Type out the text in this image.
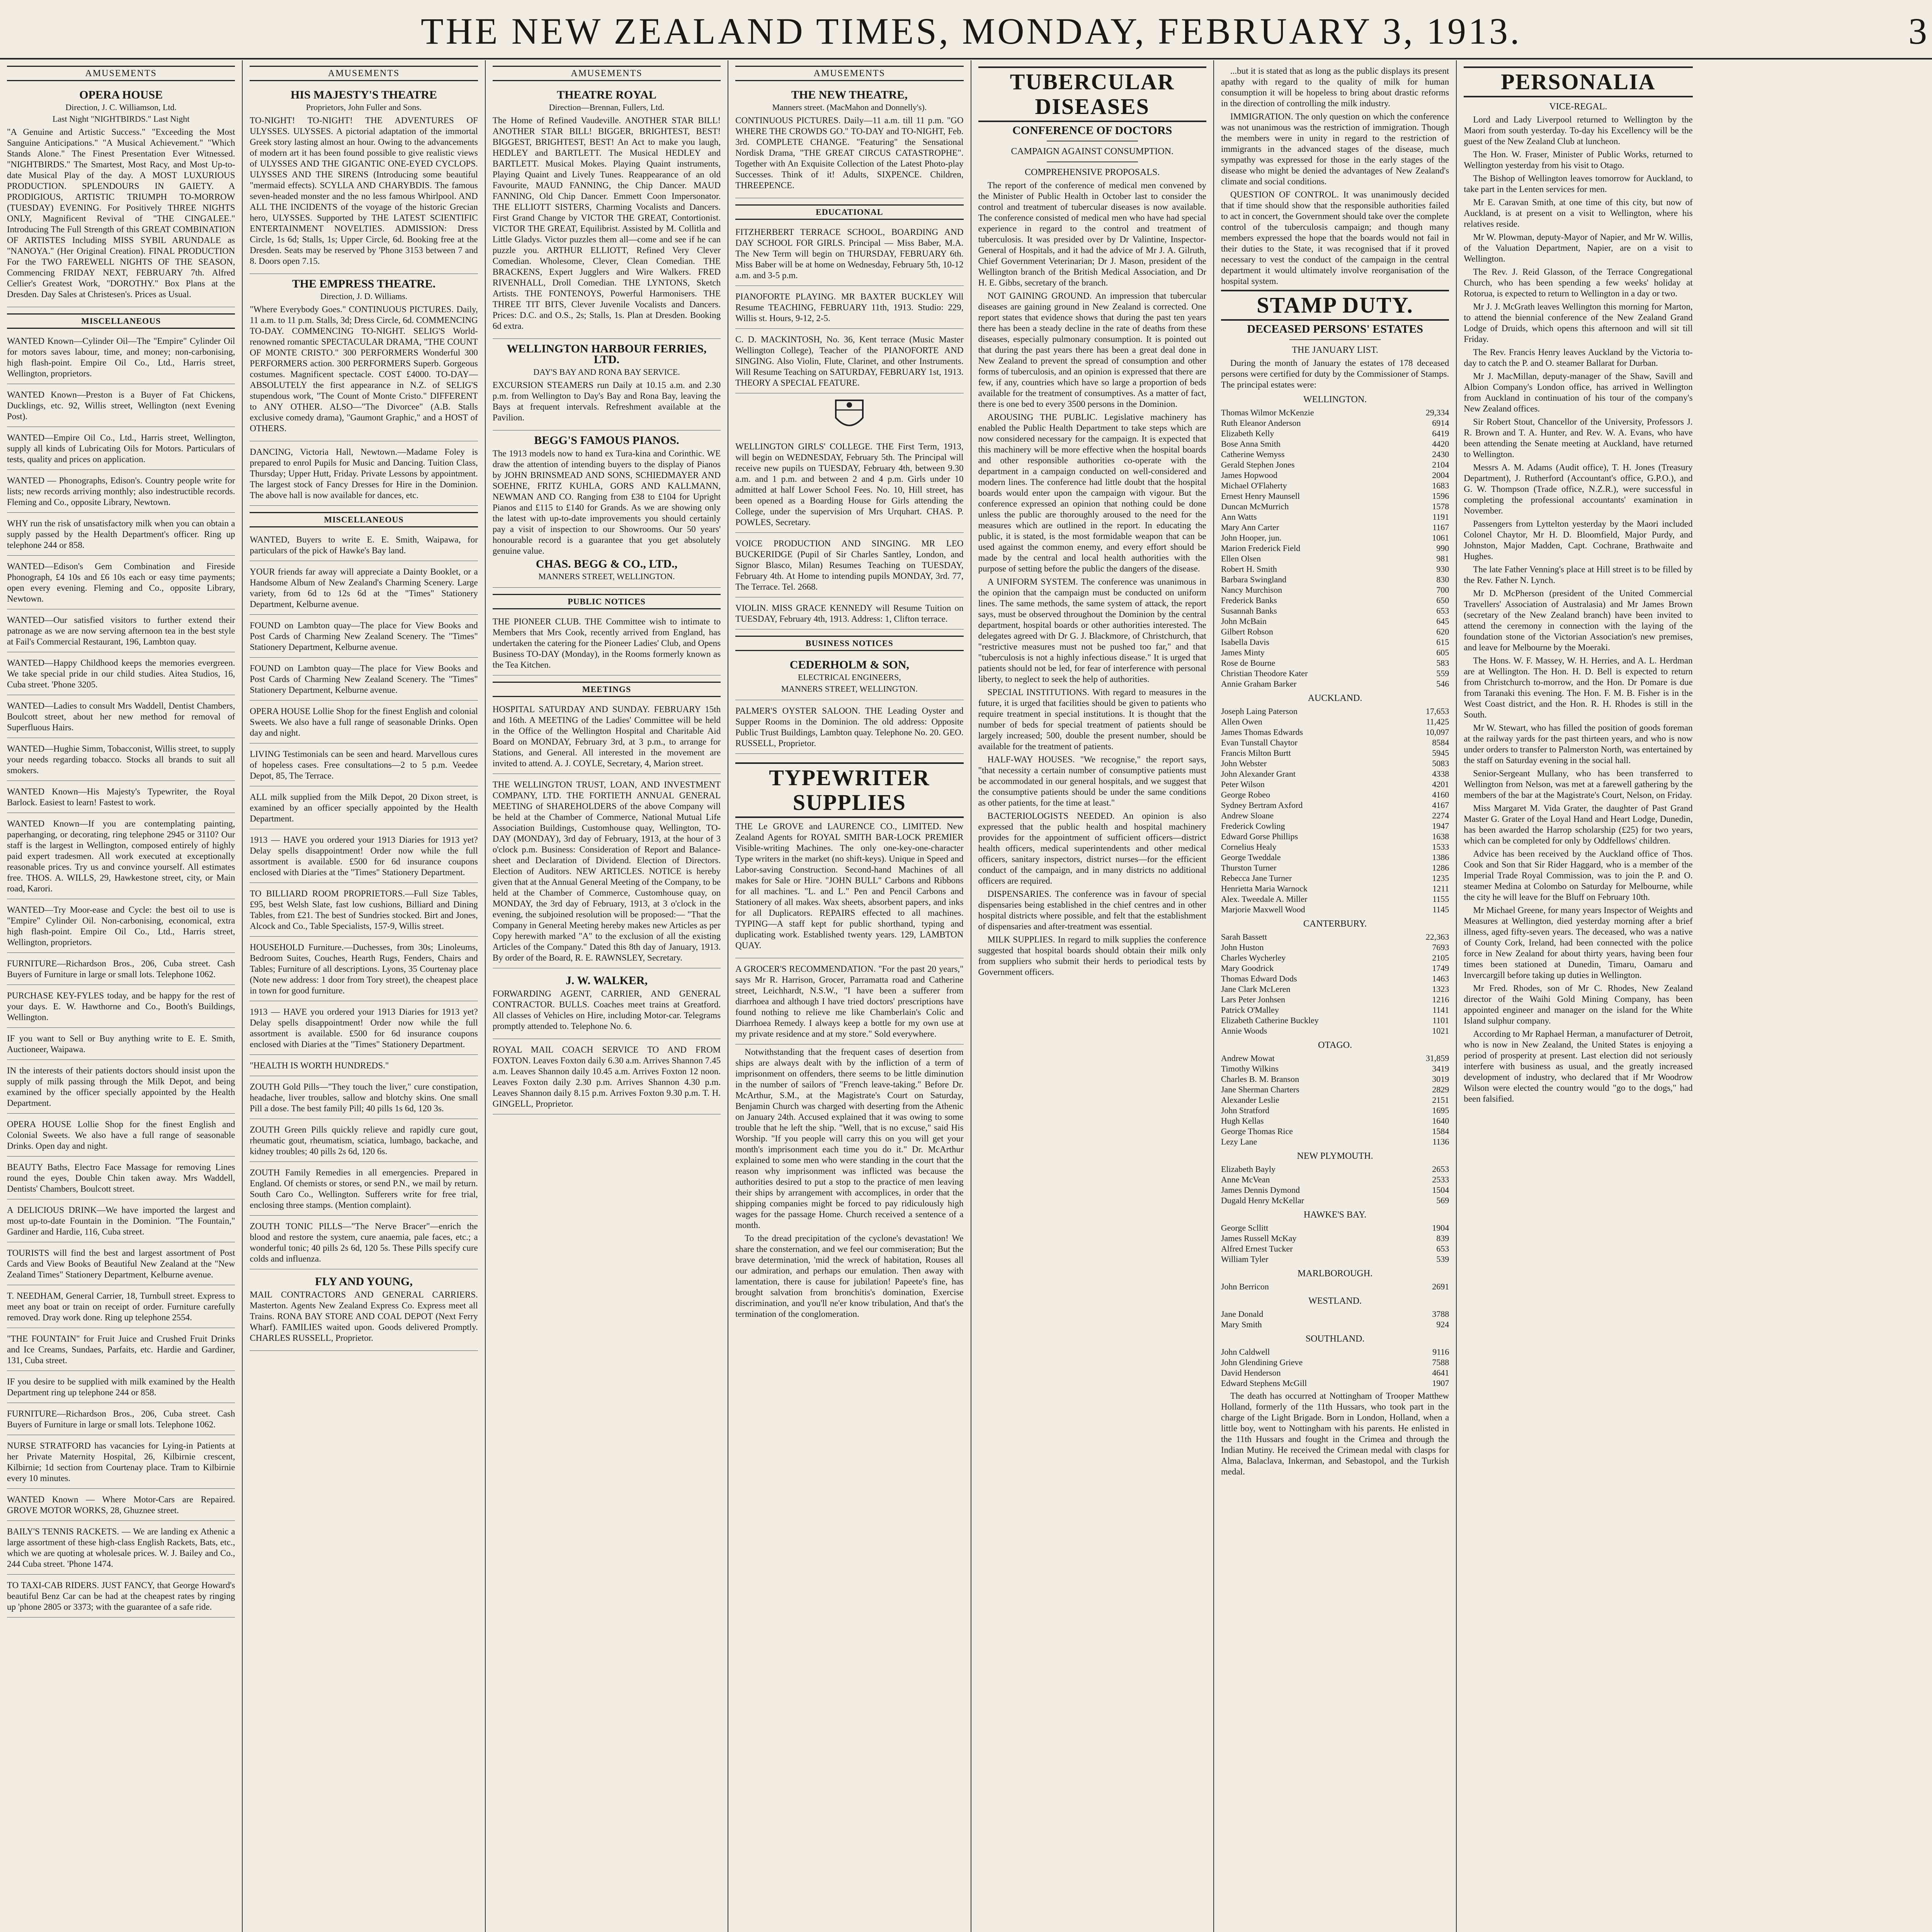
THE NEW ZEALAND TIMES, MONDAY, FEBRUARY 3, 1913.	3
AMUSEMENTS
OPERA HOUSE
Direction, J. C. Williamson, Ltd.
Last Night "NIGHTBIRDS." Last Night
"A Genuine and Artistic Success." "Exceeding the Most Sanguine Anticipations." "A Musical Achievement." "Which Stands Alone." The Finest Presentation Ever Witnessed. "NIGHTBIRDS." The Smartest, Most Racy, and Most Up-to-date Musical Play of the day. A MOST LUXURIOUS PRODUCTION. SPLENDOURS IN GAIETY. A PRODIGIOUS, ARTISTIC TRIUMPH TO-MORROW (TUESDAY) EVENING. For Positively THREE NIGHTS ONLY, Magnificent Revival of "THE CINGALEE." Introducing The Full Strength of this GREAT COMBINATION OF ARTISTES Including MISS SYBIL ARUNDALE as "NANOYA." (Her Original Creation). FINAL PRODUCTION For the TWO FAREWELL NIGHTS OF THE SEASON, Commencing FRIDAY NEXT, FEBRUARY 7th. Alfred Cellier's Greatest Work, "DOROTHY." Box Plans at the Dresden. Day Sales at Christesen's. Prices as Usual.
MISCELLANEOUS
WANTED Known—Cylinder Oil—The "Empire" Cylinder Oil for motors saves labour, time, and money; non-carbonising, high flash-point. Empire Oil Co., Ltd., Harris street, Wellington, proprietors.
WANTED Known—Preston is a Buyer of Fat Chickens, Ducklings, etc. 92, Willis street, Wellington (next Evening Post).
WANTED—Empire Oil Co., Ltd., Harris street, Wellington, supply all kinds of Lubricating Oils for Motors. Particulars of tests, quality and prices on application.
WANTED — Phonographs, Edison's. Country people write for lists; new records arriving monthly; also indestructible records. Fleming and Co., opposite Library, Newtown.
WHY run the risk of unsatisfactory milk when you can obtain a supply passed by the Health Department's officer. Ring up telephone 244 or 858.
WANTED—Edison's Gem Combination and Fireside Phonograph, £4 10s and £6 10s each or easy time payments; open every evening. Fleming and Co., opposite Library, Newtown.
WANTED—Our satisfied visitors to further extend their patronage as we are now serving afternoon tea in the best style at Fail's Commercial Restaurant, 196, Lambton quay.
WANTED—Happy Childhood keeps the memories evergreen. We take special pride in our child studies. Aitea Studios, 16, Cuba street. 'Phone 3205.
WANTED—Ladies to consult Mrs Waddell, Dentist Chambers, Boulcott street, about her new method for removal of Superfluous Hairs.
WANTED—Hughie Simm, Tobacconist, Willis street, to supply your needs regarding tobacco. Stocks all brands to suit all smokers.
WANTED Known—His Majesty's Typewriter, the Royal Barlock. Easiest to learn! Fastest to work.
WANTED Known—If you are contemplating painting, paperhanging, or decorating, ring telephone 2945 or 3110? Our staff is the largest in Wellington, composed entirely of highly paid expert tradesmen. All work executed at exceptionally reasonable prices. Try us and convince yourself. All estimates free. THOS. A. WILLS, 29, Hawkestone street, city, or Main road, Karori.
WANTED—Try Moor-ease and Cycle: the best oil to use is "Empire" Cylinder Oil. Non-carbonising, economical, extra high flash-point. Empire Oil Co., Ltd., Harris street, Wellington, proprietors.
FURNITURE—Richardson Bros., 206, Cuba street. Cash Buyers of Furniture in large or small lots. Telephone 1062.
PURCHASE KEY-FYLES today, and be happy for the rest of your days. E. W. Hawthorne and Co., Booth's Buildings, Wellington.
IF you want to Sell or Buy anything write to E. E. Smith, Auctioneer, Waipawa.
IN the interests of their patients doctors should insist upon the supply of milk passing through the Milk Depot, and being examined by the officer specially appointed by the Health Department.
OPERA HOUSE Lollie Shop for the finest English and Colonial Sweets. We also have a full range of seasonable Drinks. Open day and night.
BEAUTY Baths, Electro Face Massage for removing Lines round the eyes, Double Chin taken away. Mrs Waddell, Dentists' Chambers, Boulcott street.
A DELICIOUS DRINK—We have imported the largest and most up-to-date Fountain in the Dominion. "The Fountain," Gardiner and Hardie, 116, Cuba street.
TOURISTS will find the best and largest assortment of Post Cards and View Books of Beautiful New Zealand at the "New Zealand Times" Stationery Department, Kelburne avenue.
T. NEEDHAM, General Carrier, 18, Turnbull street. Express to meet any boat or train on receipt of order. Furniture carefully removed. Dray work done. Ring up telephone 2554.
"THE FOUNTAIN" for Fruit Juice and Crushed Fruit Drinks and Ice Creams, Sundaes, Parfaits, etc. Hardie and Gardiner, 131, Cuba street.
IF you desire to be supplied with milk examined by the Health Department ring up telephone 244 or 858.
FURNITURE—Richardson Bros., 206, Cuba street. Cash Buyers of Furniture in large or small lots. Telephone 1062.
NURSE STRATFORD has vacancies for Lying-in Patients at her Private Maternity Hospital, 26, Kilbirnie crescent, Kilbirnie; 1d section from Courtenay place. Tram to Kilbirnie every 10 minutes.
WANTED Known — Where Motor-Cars are Repaired. GROVE MOTOR WORKS, 28, Ghuznee street.
BAILY'S TENNIS RACKETS. — We are landing ex Athenic a large assortment of these high-class English Rackets, Bats, etc., which we are quoting at wholesale prices. W. J. Bailey and Co., 244 Cuba street. 'Phone 1474.
TO TAXI-CAB RIDERS. JUST FANCY, that George Howard's beautiful Benz Car can be had at the cheapest rates by ringing up 'phone 2805 or 3373; with the guarantee of a safe ride.
AMUSEMENTS
HIS MAJESTY'S THEATRE
Proprietors, John Fuller and Sons.
TO-NIGHT! TO-NIGHT! THE ADVENTURES OF ULYSSES. ULYSSES. A pictorial adaptation of the immortal Greek story lasting almost an hour. Owing to the advancements of modern art it has been found possible to give realistic views of ULYSSES AND THE GIGANTIC ONE-EYED CYCLOPS. ULYSSES AND THE SIRENS (Introducing some beautiful "mermaid effects). SCYLLA AND CHARYBDIS. The famous seven-headed monster and the no less famous Whirlpool. AND ALL THE INCIDENTS of the voyage of the historic Grecian hero, ULYSSES. Supported by THE LATEST SCIENTIFIC ENTERTAINMENT NOVELTIES. ADMISSION: Dress Circle, 1s 6d; Stalls, 1s; Upper Circle, 6d. Booking free at the Dresden. Seats may be reserved by 'Phone 3153 between 7 and 8. Doors open 7.15.
THE EMPRESS THEATRE.
Direction, J. D. Williams.
"Where Everybody Goes." CONTINUOUS PICTURES. Daily, 11 a.m. to 11 p.m. Stalls, 3d; Dress Circle, 6d. COMMENCING TO-DAY. COMMENCING TO-NIGHT. SELIG'S World-renowned romantic SPECTACULAR DRAMA, "THE COUNT OF MONTE CRISTO." 300 PERFORMERS Wonderful 300 PERFORMERS action. 300 PERFORMERS Superb. Gorgeous costumes. Magnificent spectacle. COST £4000. TO-DAY—ABSOLUTELY the first appearance in N.Z. of SELIG'S stupendous work, "The Count of Monte Cristo." DIFFERENT to ANY OTHER. ALSO—"The Divorcee" (A.B. Stalls exclusive comedy drama), "Gaumont Graphic," and a HOST of OTHERS.
DANCING, Victoria Hall, Newtown.—Madame Foley is prepared to enrol Pupils for Music and Dancing. Tuition Class, Thursday; Upper Hutt, Friday. Private Lessons by appointment. The largest stock of Fancy Dresses for Hire in the Dominion. The above hall is now available for dances, etc.
MISCELLANEOUS
WANTED, Buyers to write E. E. Smith, Waipawa, for particulars of the pick of Hawke's Bay land.
YOUR friends far away will appreciate a Dainty Booklet, or a Handsome Album of New Zealand's Charming Scenery. Large variety, from 6d to 12s 6d at the "Times" Stationery Department, Kelburne avenue.
FOUND on Lambton quay—The place for View Books and Post Cards of Charming New Zealand Scenery. The "Times" Stationery Department, Kelburne avenue.
FOUND on Lambton quay—The place for View Books and Post Cards of Charming New Zealand Scenery. The "Times" Stationery Department, Kelburne avenue.
OPERA HOUSE Lollie Shop for the finest English and colonial Sweets. We also have a full range of seasonable Drinks. Open day and night.
LIVING Testimonials can be seen and heard. Marvellous cures of hopeless cases. Free consultations—2 to 5 p.m. Veedee Depot, 85, The Terrace.
ALL milk supplied from the Milk Depot, 20 Dixon street, is examined by an officer specially appointed by the Health Department.
1913 — HAVE you ordered your 1913 Diaries for 1913 yet? Delay spells disappointment! Order now while the full assortment is available. £500 for 6d insurance coupons enclosed with Diaries at the "Times" Stationery Department.
TO BILLIARD ROOM PROPRIETORS.—Full Size Tables, £95, best Welsh Slate, fast low cushions, Billiard and Dining Tables, from £21. The best of Sundries stocked. Birt and Jones, Alcock and Co., Table Specialists, 157-9, Willis street.
HOUSEHOLD Furniture.—Duchesses, from 30s; Linoleums, Bedroom Suites, Couches, Hearth Rugs, Fenders, Chairs and Tables; Furniture of all descriptions. Lyons, 35 Courtenay place (Note new address: 1 door from Tory street), the cheapest place in town for good furniture.
1913 — HAVE you ordered your 1913 Diaries for 1913 yet? Delay spells disappointment! Order now while the full assortment is available. £500 for 6d insurance coupons enclosed with Diaries at the "Times" Stationery Department.
"HEALTH IS WORTH HUNDREDS."
ZOUTH Gold Pills—"They touch the liver," cure constipation, headache, liver troubles, sallow and blotchy skins. One small Pill a dose. The best family Pill; 40 pills 1s 6d, 120 3s.
ZOUTH Green Pills quickly relieve and rapidly cure gout, rheumatic gout, rheumatism, sciatica, lumbago, backache, and kidney troubles; 40 pills 2s 6d, 120 6s.
ZOUTH Family Remedies in all emergencies. Prepared in England. Of chemists or stores, or send P.N., we mail by return. South Caro Co., Wellington. Sufferers write for free trial, enclosing three stamps. (Mention complaint).
ZOUTH TONIC PILLS—"The Nerve Bracer"—enrich the blood and restore the system, cure anaemia, pale faces, etc.; a wonderful tonic; 40 pills 2s 6d, 120 5s. These Pills specify cure colds and influenza.
FLY AND YOUNG,
MAIL CONTRACTORS AND GENERAL CARRIERS. Masterton. Agents New Zealand Express Co. Express meet all Trains. RONA BAY STORE AND COAL DEPOT (Next Ferry Wharf). FAMILIES waited upon. Goods delivered Promptly. CHARLES RUSSELL, Proprietor.
AMUSEMENTS
THEATRE ROYAL
Direction—Brennan, Fullers, Ltd.
The Home of Refined Vaudeville. ANOTHER STAR BILL! ANOTHER STAR BILL! BIGGER, BRIGHTEST, BEST! BIGGEST, BRIGHTEST, BEST! An Act to make you laugh, HEDLEY and BARTLETT. The Musical HEDLEY and BARTLETT. Musical Mokes. Playing Quaint instruments, Playing Quaint and Lively Tunes. Reappearance of an old Favourite, MAUD FANNING, the Chip Dancer. MAUD FANNING, Old Chip Dancer. Emmett Coon Impersonator. THE ELLIOTT SISTERS, Charming Vocalists and Dancers. First Grand Change by VICTOR THE GREAT, Contortionist. VICTOR THE GREAT, Equilibrist. Assisted by M. Collitla and Little Gladys. Victor puzzles them all—come and see if he can puzzle you. ARTHUR ELLIOTT, Refined Very Clever Comedian. Wholesome, Clever, Clean Comedian. THE BRACKENS, Expert Jugglers and Wire Walkers. FRED RIVENHALL, Droll Comedian. THE LYNTONS, Sketch Artists. THE FONTENOYS, Powerful Harmonisers. THE THREE TIT BITS, Clever Juvenile Vocalists and Dancers. Prices: D.C. and O.S., 2s; Stalls, 1s. Plan at Dresden. Booking 6d extra.
WELLINGTON HARBOUR FERRIES, LTD.
DAY'S BAY AND RONA BAY SERVICE.
EXCURSION STEAMERS run Daily at 10.15 a.m. and 2.30 p.m. from Wellington to Day's Bay and Rona Bay, leaving the Bays at frequent intervals. Refreshment available at the Pavilion.
BEGG'S FAMOUS PIANOS.
The 1913 models now to hand ex Tura-kina and Corinthic. WE draw the attention of intending buyers to the display of Pianos by JOHN BRINSMEAD AND SONS, SCHIEDMAYER AND SOEHNE, FRITZ KUHLA, GORS AND KALLMANN, NEWMAN AND CO. Ranging from £38 to £104 for Upright Pianos and £115 to £140 for Grands. As we are showing only the latest with up-to-date improvements you should certainly pay a visit of inspection to our Showrooms. Our 50 years' honourable record is a guarantee that you get absolutely genuine value.
CHAS. BEGG & CO., LTD.,
MANNERS STREET, WELLINGTON.
PUBLIC NOTICES
THE PIONEER CLUB. THE Committee wish to intimate to Members that Mrs Cook, recently arrived from England, has undertaken the catering for the Pioneer Ladies' Club, and Opens Business TO-DAY (Monday), in the Rooms formerly known as the Tea Kitchen.
MEETINGS
HOSPITAL SATURDAY AND SUNDAY. FEBRUARY 15th and 16th. A MEETING of the Ladies' Committee will be held in the Office of the Wellington Hospital and Charitable Aid Board on MONDAY, February 3rd, at 3 p.m., to arrange for Stations, and General. All interested in the movement are invited to attend. A. J. COYLE, Secretary, 4, Marion street.
THE WELLINGTON TRUST, LOAN, AND INVESTMENT COMPANY, LTD. THE FORTIETH ANNUAL GENERAL MEETING of SHAREHOLDERS of the above Company will be held at the Chamber of Commerce, National Mutual Life Association Buildings, Customhouse quay, Wellington, TO-DAY (MONDAY), 3rd day of February, 1913, at the hour of 3 o'clock p.m. Business: Consideration of Report and Balance-sheet and Declaration of Dividend. Election of Directors. Election of Auditors. NEW ARTICLES. NOTICE is hereby given that at the Annual General Meeting of the Company, to be held at the Chamber of Commerce, Customhouse quay, on MONDAY, the 3rd day of February, 1913, at 3 o'clock in the evening, the subjoined resolution will be proposed:— "That the Company in General Meeting hereby makes new Articles as per Copy herewith marked "A" to the exclusion of all the existing Articles of the Company." Dated this 8th day of January, 1913. By order of the Board, R. E. RAWNSLEY, Secretary.
J. W. WALKER,
FORWARDING AGENT, CARRIER, AND GENERAL CONTRACTOR. BULLS. Coaches meet trains at Greatford. All classes of Vehicles on Hire, including Motor-car. Telegrams promptly attended to. Telephone No. 6.
ROYAL MAIL COACH SERVICE TO AND FROM FOXTON. Leaves Foxton daily 6.30 a.m. Arrives Shannon 7.45 a.m. Leaves Shannon daily 10.45 a.m. Arrives Foxton 12 noon. Leaves Foxton daily 2.30 p.m. Arrives Shannon 4.30 p.m. Leaves Shannon daily 8.15 p.m. Arrives Foxton 9.30 p.m. T. H. GINGELL, Proprietor.
AMUSEMENTS
THE NEW THEATRE,
Manners street. (MacMahon and Donnelly's).
CONTINUOUS PICTURES. Daily—11 a.m. till 11 p.m. "GO WHERE THE CROWDS GO." TO-DAY and TO-NIGHT, Feb. 3rd. COMPLETE CHANGE. "Featuring" the Sensational Nordisk Drama, "THE GREAT CIRCUS CATASTROPHE". Together with An Exquisite Collection of the Latest Photo-play Successes. Think of it! Adults, SIXPENCE. Children, THREEPENCE.
EDUCATIONAL
FITZHERBERT TERRACE SCHOOL, BOARDING AND DAY SCHOOL FOR GIRLS. Principal — Miss Baber, M.A. The New Term will begin on THURSDAY, FEBRUARY 6th. Miss Baber will be at home on Wednesday, February 5th, 10-12 a.m. and 3-5 p.m.
PIANOFORTE PLAYING. MR BAXTER BUCKLEY Will Resume TEACHING, FEBRUARY 11th, 1913. Studio: 229, Willis st. Hours, 9-12, 2-5.
C. D. MACKINTOSH, No. 36, Kent terrace (Music Master Wellington College), Teacher of the PIANOFORTE AND SINGING. Also Violin, Flute, Clarinet, and other Instruments. Will Resume Teaching on SATURDAY, FEBRUARY 1st, 1913. THEORY A SPECIAL FEATURE.
WELLINGTON GIRLS' COLLEGE. THE First Term, 1913, will begin on WEDNESDAY, February 5th. The Principal will receive new pupils on TUESDAY, February 4th, between 9.30 a.m. and 1 p.m. and between 2 and 4 p.m. Girls under 10 admitted at half Lower School Fees. No. 10, Hill street, has been opened as a Boarding House for Girls attending the College, under the supervision of Mrs Urquhart. CHAS. P. POWLES, Secretary.
VOICE PRODUCTION AND SINGING. MR LEO BUCKERIDGE (Pupil of Sir Charles Santley, London, and Signor Blasco, Milan) Resumes Teaching on TUESDAY, February 4th. At Home to intending pupils MONDAY, 3rd. 77, The Terrace. Tel. 2668.
VIOLIN. MISS GRACE KENNEDY will Resume Tuition on TUESDAY, February 4th, 1913. Address: 1, Clifton terrace.
BUSINESS NOTICES
CEDERHOLM & SON,
ELECTRICAL ENGINEERS,
MANNERS STREET, WELLINGTON.
PALMER'S OYSTER SALOON. THE Leading Oyster and Supper Rooms in the Dominion. The old address: Opposite Public Trust Buildings, Lambton quay. Telephone No. 20. GEO. RUSSELL, Proprietor.
TYPEWRITER SUPPLIES
THE Le GROVE and LAURENCE CO., LIMITED. New Zealand Agents for ROYAL SMITH BAR-LOCK PREMIER Visible-writing Machines. The only one-key-one-character Type writers in the market (no shift-keys). Unique in Speed and Labor-saving Construction. Second-hand Machines of all makes for Sale or Hire. "JOHN BULL" Carbons and Ribbons for all machines. "L. and L." Pen and Pencil Carbons and Stationery of all makes. Wax sheets, absorbent papers, and inks for all Duplicators. REPAIRS effected to all machines. TYPING—A staff kept for public shorthand, typing and duplicating work. Established twenty years. 129, LAMBTON QUAY.
A GROCER'S RECOMMENDATION. "For the past 20 years," says Mr R. Harrison, Grocer, Parramatta road and Catherine street, Leichhardt, N.S.W., "I have been a sufferer from diarrhoea and although I have tried doctors' prescriptions have found nothing to relieve me like Chamberlain's Colic and Diarrhoea Remedy. I always keep a bottle for my own use at my private residence and at my store." Sold everywhere.
Notwithstanding that the frequent cases of desertion from ships are always dealt with by the infliction of a term of imprisonment on offenders, there seems to be little diminution in the number of sailors of "French leave-taking." Before Dr. McArthur, S.M., at the Magistrate's Court on Saturday, Benjamin Church was charged with deserting from the Athenic on January 24th. Accused explained that it was owing to some trouble that he left the ship. "Well, that is no excuse," said His Worship. "If you people will carry this on you will get your month's imprisonment each time you do it." Dr. McArthur explained to some men who were standing in the court that the reason why imprisonment was inflicted was because the authorities desired to put a stop to the practice of men leaving their ships by arrangement with accomplices, in order that the shipping companies might be forced to pay ridiculously high wages for the passage Home. Church received a sentence of a month.
To the dread precipitation of the cyclone's devastation! We share the consternation, and we feel our commiseration; But the brave determination, 'mid the wreck of habitation, Rouses all our admiration, and perhaps our emulation. Then away with lamentation, there is cause for jubilation! Papeete's fine, has brought salvation from bronchitis's domination, Exercise discrimination, and you'll ne'er know tribulation, And that's the termination of the conglomeration.
TUBERCULAR DISEASES
CONFERENCE OF DOCTORS
CAMPAIGN AGAINST CONSUMPTION.
COMPREHENSIVE PROPOSALS.
The report of the conference of medical men convened by the Minister of Public Health in October last to consider the control and treatment of tubercular diseases is now available. The conference consisted of medical men who have had special experience in regard to the control and treatment of tuberculosis. It was presided over by Dr Valintine, Inspector-General of Hospitals, and it had the advice of Mr J. A. Gilruth, Chief Government Veterinarian; Dr J. Mason, president of the Wellington branch of the British Medical Association, and Dr H. E. Gibbs, secretary of the branch.
NOT GAINING GROUND. An impression that tubercular diseases are gaining ground in New Zealand is corrected. One report states that evidence shows that during the past ten years there has been a steady decline in the rate of deaths from these diseases, especially pulmonary consumption. It is pointed out that during the past years there has been a great deal done in New Zealand to prevent the spread of consumption and other forms of tuberculosis, and an opinion is expressed that there are few, if any, countries which have so large a proportion of beds available for the treatment of consumptives. As a matter of fact, there is one bed to every 3500 persons in the Dominion.
AROUSING THE PUBLIC. Legislative machinery has enabled the Public Health Department to take steps which are now considered necessary for the campaign. It is expected that this machinery will be more effective when the hospital boards and other responsible authorities co-operate with the department in a campaign conducted on well-considered and modern lines. The conference had little doubt that the hospital boards would enter upon the campaign with vigour. But the conference expressed an opinion that nothing could be done unless the public are thoroughly aroused to the need for the measures which are outlined in the report. In educating the public, it is stated, is the most formidable weapon that can be used against the common enemy, and every effort should be made by the central and local health authorities with the purpose of setting before the public the dangers of the disease.
A UNIFORM SYSTEM. The conference was unanimous in the opinion that the campaign must be conducted on uniform lines. The same methods, the same system of attack, the report says, must be observed throughout the Dominion by the central department, hospital boards or other authorities interested. The delegates agreed with Dr G. J. Blackmore, of Christchurch, that "restrictive measures must not be pushed too far," and that "tuberculosis is not a highly infectious disease." It is urged that patients should not be led, for fear of interference with personal liberty, to neglect to seek the help of authorities.
SPECIAL INSTITUTIONS. With regard to measures in the future, it is urged that facilities should be given to patients who require treatment in special institutions. It is thought that the number of beds for special treatment of patients should be largely increased; 500, double the present number, should be available for the treatment of patients.
HALF-WAY HOUSES. "We recognise," the report says, "that necessity a certain number of consumptive patients must be accommodated in our general hospitals, and we suggest that the consumptive patients should be under the same conditions as other patients, for the time at least."
BACTERIOLOGISTS NEEDED. An opinion is also expressed that the public health and hospital machinery provides for the appointment of sufficient officers—district health officers, medical superintendents and other medical officers, sanitary inspectors, district nurses—for the efficient conduct of the campaign, and in many districts no additional officers are required.
DISPENSARIES. The conference was in favour of special dispensaries being established in the chief centres and in other hospital districts where possible, and felt that the establishment of dispensaries and after-treatment was essential.
MILK SUPPLIES. In regard to milk supplies the conference suggested that hospital boards should obtain their milk only from suppliers who submit their herds to periodical tests by Government officers.
...but it is stated that as long as the public displays its present apathy with regard to the quality of milk for human consumption it will be hopeless to bring about drastic reforms in the direction of controlling the milk industry.
IMMIGRATION. The only question on which the conference was not unanimous was the restriction of immigration. Though the members were in unity in regard to the restriction of immigrants in the advanced stages of the disease, much sympathy was expressed for those in the early stages of the disease who might be denied the advantages of New Zealand's climate and social conditions.
QUESTION OF CONTROL. It was unanimously decided that if time should show that the responsible authorities failed to act in concert, the Government should take over the complete control of the tuberculosis campaign; and though many members expressed the hope that the boards would not fail in their duties to the State, it was recognised that if it proved necessary to vest the conduct of the campaign in the central department it would ultimately involve reorganisation of the hospital system.
STAMP DUTY.
DECEASED PERSONS' ESTATES
THE JANUARY LIST.
During the month of January the estates of 178 deceased persons were certified for duty by the Commissioner of Stamps. The principal estates were:
WELLINGTON.
Thomas Wilmor McKenzie	29,334
Ruth Eleanor Anderson	6914
Elizabeth Kelly	6419
Bose Anna Smith	4420
Catherine Wemyss	2430
Gerald Stephen Jones	2104
James Hopwood	2004
Michael O'Flaherty	1683
Ernest Henry Maunsell	1596
Duncan McMurrich	1578
Ann Watts	1191
Mary Ann Carter	1167
John Hooper, jun.	1061
Marion Frederick Field	990
Ellen Olsen	981
Robert H. Smith	930
Barbara Swingland	830
Nancy Murchison	700
Frederick Banks	650
Susannah Banks	653
John McBain	645
Gilbert Robson	620
Isabella Davis	615
James Minty	605
Rose de Bourne	583
Christian Theodore Kater	559
Annie Graham Barker	546
AUCKLAND.
Joseph Laing Paterson	17,653
Allen Owen	11,425
James Thomas Edwards	10,097
Evan Tunstall Chaytor	8584
Francis Milton Burtt	5945
John Webster	5083
John Alexander Grant	4338
Peter Wilson	4201
George Robeo	4160
Sydney Bertram Axford	4167
Andrew Sloane	2274
Frederick Cowling	1947
Edward Gorse Phillips	1638
Cornelius Healy	1533
George Tweddale	1386
Thurston Turner	1286
Rebecca Jane Turner	1235
Henrietta Maria Warnock	1211
Alex. Tweedale A. Miller	1155
Marjorie Maxwell Wood	1145
CANTERBURY.
Sarah Bassett	22,363
John Huston	7693
Charles Wycherley	2105
Mary Goodrick	1749
Thomas Edward Dods	1463
Jane Clark McLeren	1323
Lars Peter Jonhsen	1216
Patrick O'Malley	1141
Elizabeth Catherine Buckley	1101
Annie Woods	1021
OTAGO.
Andrew Mowat	31,859
Timothy Wilkins	3419
Charles B. M. Branson	3019
Jane Sherman Charters	2829
Alexander Leslie	2151
John Stratford	1695
Hugh Kellas	1640
George Thomas Rice	1584
Lezy Lane	1136
NEW PLYMOUTH.
Elizabeth Bayly	2653
Anne McVean	2533
James Dennis Dymond	1504
Dugald Henry McKellar	569
HAWKE'S BAY.
George Scllitt	1904
James Russell McKay	839
Alfred Ernest Tucker	653
William Tyler	539
MARLBOROUGH.
John Berricon	2691
WESTLAND.
Jane Donald	3788
Mary Smith	924
SOUTHLAND.
John Caldwell	9116
John Glendining Grieve	7588
David Henderson	4641
Edward Stephens McGill	1907
The death has occurred at Nottingham of Trooper Matthew Holland, formerly of the 11th Hussars, who took part in the charge of the Light Brigade. Born in London, Holland, when a little boy, went to Nottingham with his parents. He enlisted in the 11th Hussars and fought in the Crimea and through the Indian Mutiny. He received the Crimean medal with clasps for Alma, Balaclava, Inkerman, and Sebastopol, and the Turkish medal.
PERSONALIA
VICE-REGAL.
Lord and Lady Liverpool returned to Wellington by the Maori from south yesterday. To-day his Excellency will be the guest of the New Zealand Club at luncheon.
The Hon. W. Fraser, Minister of Public Works, returned to Wellington yesterday from his visit to Otago.
The Bishop of Wellington leaves tomorrow for Auckland, to take part in the Lenten services for men.
Mr E. Caravan Smith, at one time of this city, but now of Auckland, is at present on a visit to Wellington, where his relatives reside.
Mr W. Plowman, deputy-Mayor of Napier, and Mr W. Willis, of the Valuation Department, Napier, are on a visit to Wellington.
The Rev. J. Reid Glasson, of the Terrace Congregational Church, who has been spending a few weeks' holiday at Rotorua, is expected to return to Wellington in a day or two.
Mr J. J. McGrath leaves Wellington this morning for Marton, to attend the biennial conference of the New Zealand Grand Lodge of Druids, which opens this afternoon and will sit till Friday.
The Rev. Francis Henry leaves Auckland by the Victoria to-day to catch the P. and O. steamer Ballarat for Durban.
Mr J. MacMillan, deputy-manager of the Shaw, Savill and Albion Company's London office, has arrived in Wellington from Auckland in continuation of his tour of the company's New Zealand offices.
Sir Robert Stout, Chancellor of the University, Professors J. R. Brown and T. A. Hunter, and Rev. W. A. Evans, who have been attending the Senate meeting at Auckland, have returned to Wellington.
Messrs A. M. Adams (Audit office), T. H. Jones (Treasury Department), J. Rutherford (Accountant's office, G.P.O.), and G. W. Thompson (Trade office, N.Z.R.), were successful in completing the professional accountants' examination in November.
Passengers from Lyttelton yesterday by the Maori included Colonel Chaytor, Mr H. D. Bloomfield, Major Purdy, and Johnston, Major Madden, Capt. Cochrane, Brathwaite and Hughes.
The late Father Venning's place at Hill street is to be filled by the Rev. Father N. Lynch.
Mr D. McPherson (president of the United Commercial Travellers' Association of Australasia) and Mr James Brown (secretary of the New Zealand branch) have been invited to attend the ceremony in connection with the laying of the foundation stone of the Victorian Association's new premises, and leave for Melbourne by the Moeraki.
The Hons. W. F. Massey, W. H. Herries, and A. L. Herdman are at Wellington. The Hon. H. D. Bell is expected to return from Christchurch to-morrow, and the Hon. Dr Pomare is due from Taranaki this evening. The Hon. F. M. B. Fisher is in the West Coast district, and the Hon. R. H. Rhodes is still in the South.
Mr W. Stewart, who has filled the position of goods foreman at the railway yards for the past thirteen years, and who is now under orders to transfer to Palmerston North, was entertained by the staff on Saturday evening in the social hall.
Senior-Sergeant Mullany, who has been transferred to Wellington from Nelson, was met at a farewell gathering by the members of the bar at the Magistrate's Court, Nelson, on Friday.
Miss Margaret M. Vida Grater, the daughter of Past Grand Master G. Grater of the Loyal Hand and Heart Lodge, Dunedin, has been awarded the Harrop scholarship (£25) for two years, which can be completed for only by Oddfellows' children.
Advice has been received by the Auckland office of Thos. Cook and Son that Sir Rider Haggard, who is a member of the Imperial Trade Royal Commission, was to join the P. and O. steamer Medina at Colombo on Saturday for Melbourne, while the city he will leave for the Bluff on February 10th.
Mr Michael Greene, for many years Inspector of Weights and Measures at Wellington, died yesterday morning after a brief illness, aged fifty-seven years. The deceased, who was a native of County Cork, Ireland, had been connected with the police force in New Zealand for about thirty years, having been four times been stationed at Dunedin, Timaru, Oamaru and Invercargill before taking up duties in Wellington.
Mr Fred. Rhodes, son of Mr C. Rhodes, New Zealand director of the Waihi Gold Mining Company, has been appointed engineer and manager on the island for the White Island sulphur company.
According to Mr Raphael Herman, a manufacturer of Detroit, who is now in New Zealand, the United States is enjoying a period of prosperity at present. Last election did not seriously interfere with business as usual, and the greatly increased development of industry, who declared that if Mr Woodrow Wilson were elected the country would "go to the dogs," had been falsified.
